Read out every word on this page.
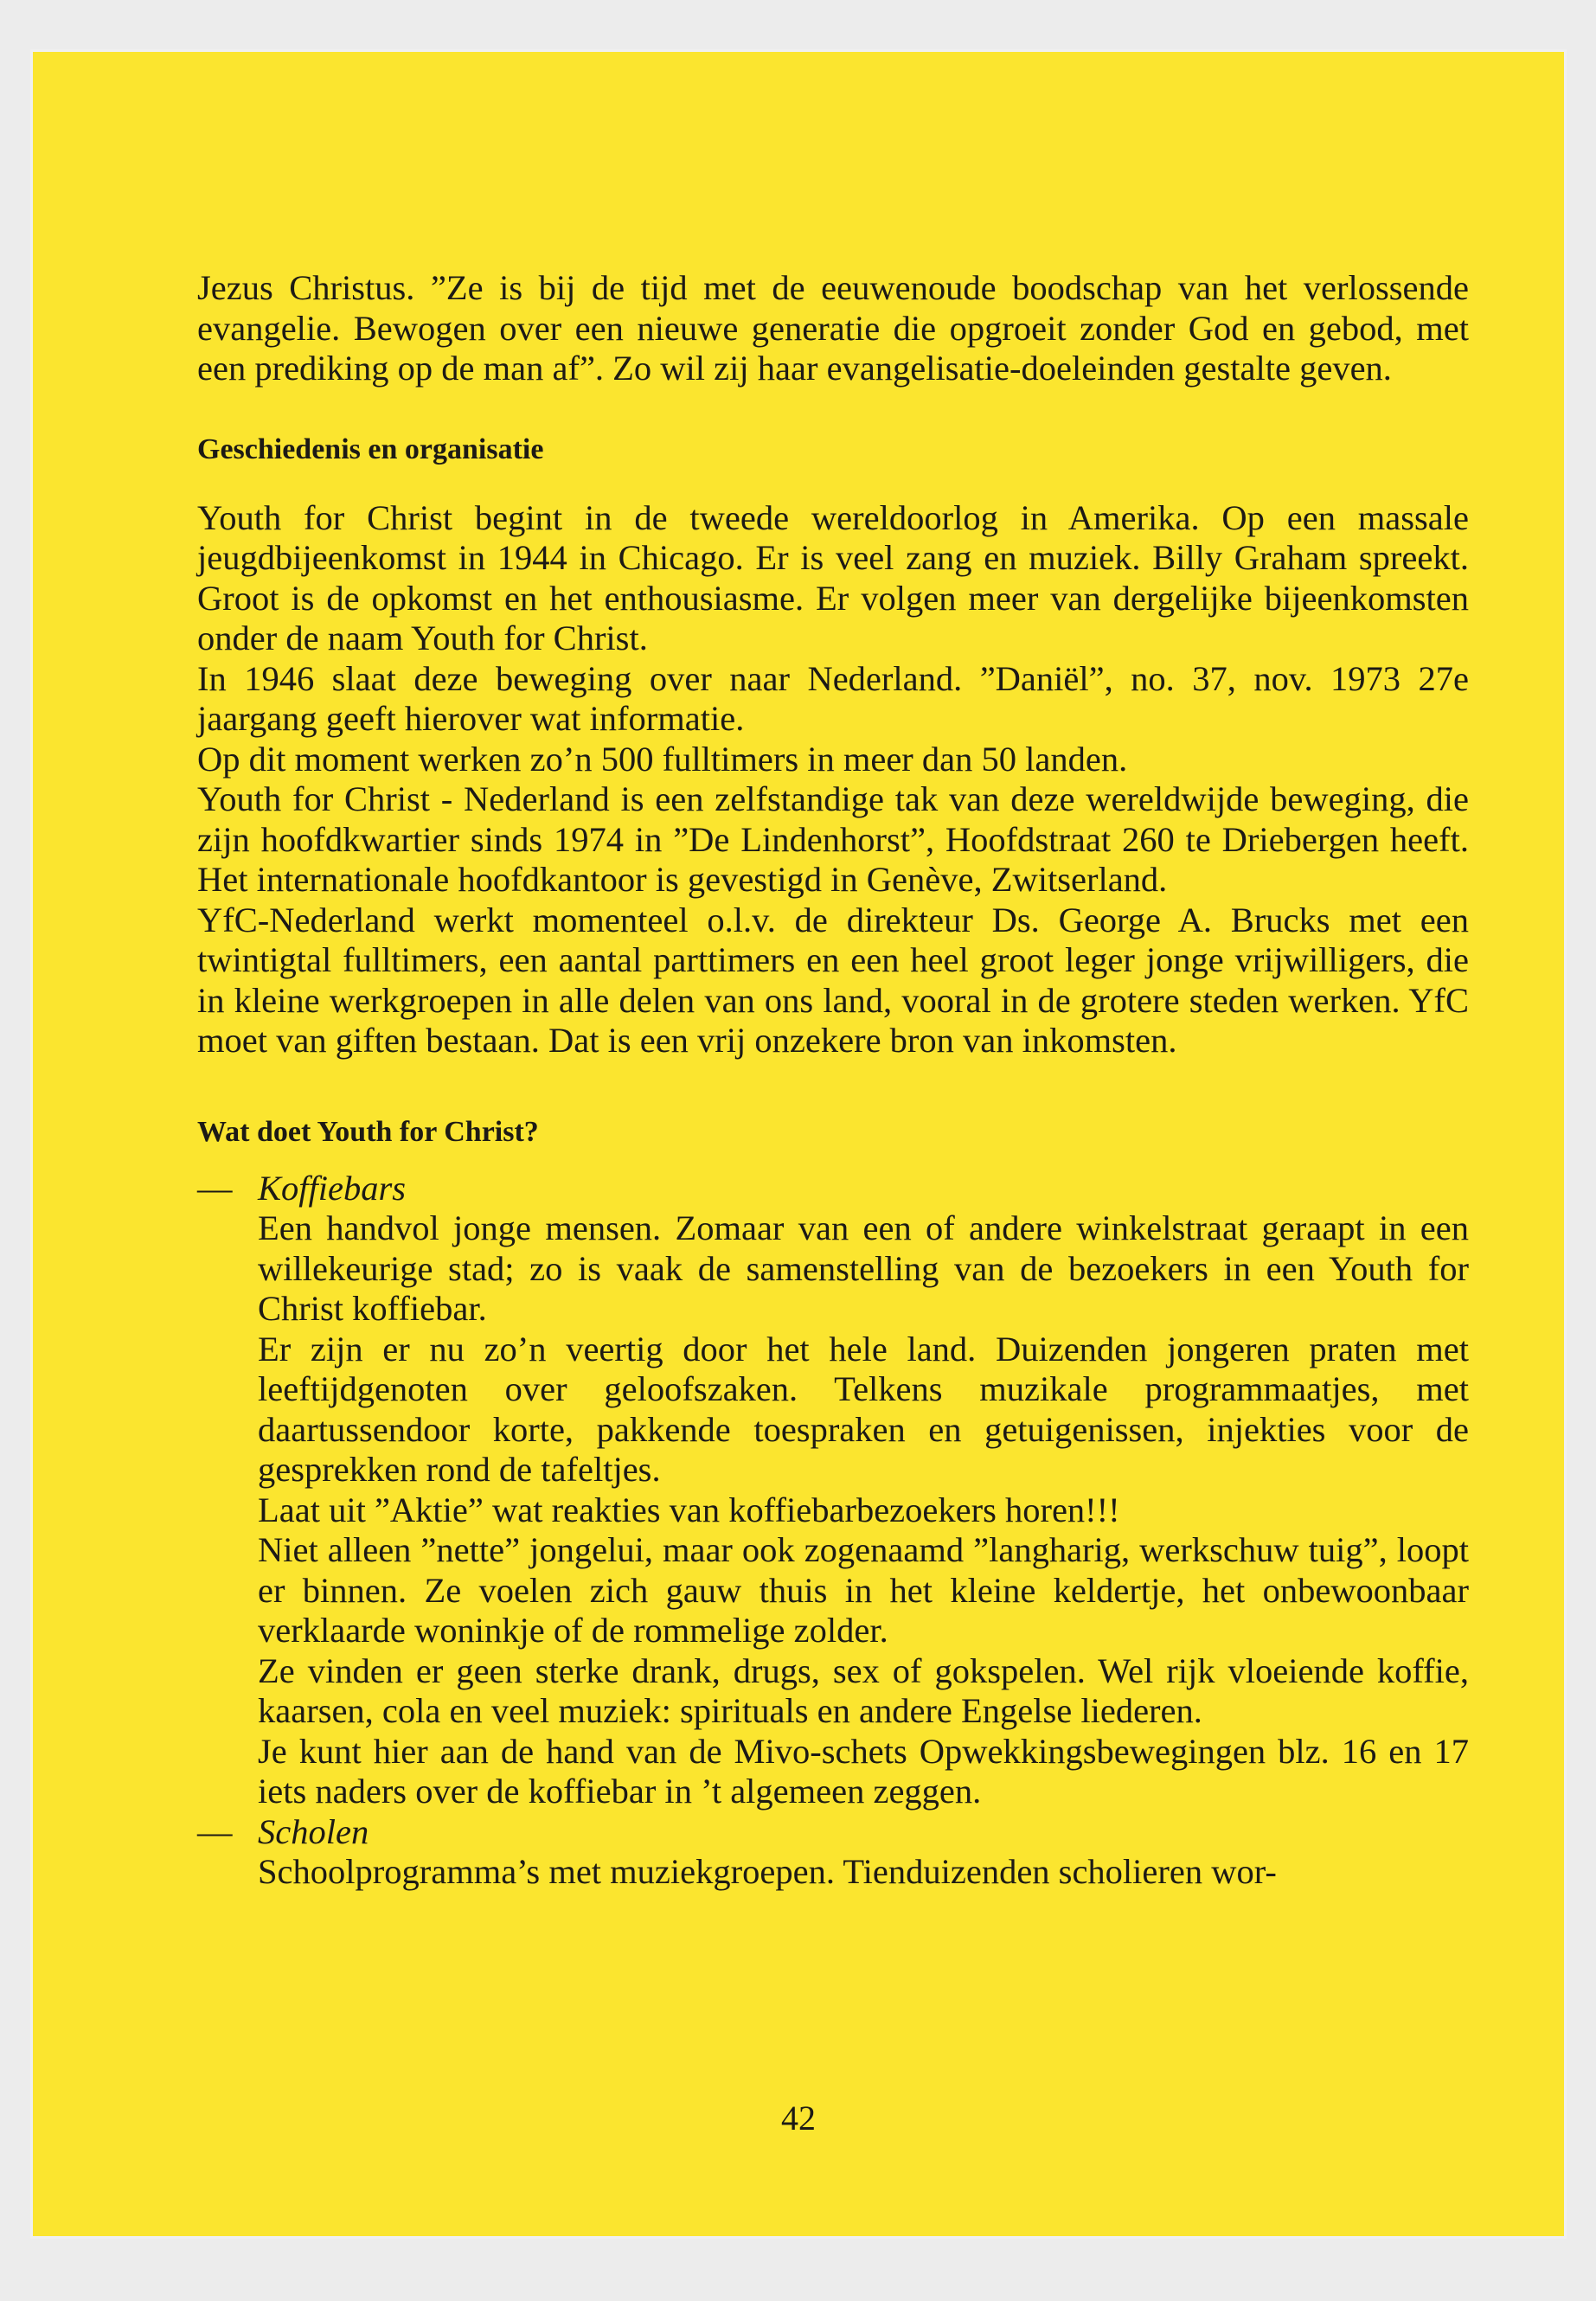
Jezus Christus. ”Ze is bij de tijd met de eeuwenoude boodschap van het verlossende evangelie. Bewogen over een nieuwe generatie die opgroeit zonder God en gebod, met een prediking op de man af”. Zo wil zij haar evangelisatie-doeleinden gestalte geven.

Geschiedenis en organisatie

Youth for Christ begint in de tweede wereldoorlog in Amerika. Op een massale jeugdbijeenkomst in 1944 in Chicago. Er is veel zang en muziek. Billy Graham spreekt. Groot is de opkomst en het enthousiasme. Er volgen meer van dergelijke bijeenkomsten onder de naam Youth for Christ.

In 1946 slaat deze beweging over naar Nederland. ”Daniël”, no. 37, nov. 1973 27e jaargang geeft hierover wat informatie.

Op dit moment werken zo’n 500 fulltimers in meer dan 50 landen.

Youth for Christ - Nederland is een zelfstandige tak van deze wereldwijde beweging, die zijn hoofdkwartier sinds 1974 in ”De Lindenhorst”, Hoofdstraat 260 te Driebergen heeft. Het internationale hoofdkantoor is gevestigd in Genève, Zwitserland.

YfC-Nederland werkt momenteel o.l.v. de direkteur Ds. George A. Brucks met een twintigtal fulltimers, een aantal parttimers en een heel groot leger jonge vrijwilligers, die in kleine werkgroepen in alle delen van ons land, vooral in de grotere steden werken. YfC moet van giften bestaan. Dat is een vrij onzekere bron van inkomsten.

Wat doet Youth for Christ?

— Koffiebars

Een handvol jonge mensen. Zomaar van een of andere winkelstraat geraapt in een willekeurige stad; zo is vaak de samenstelling van de bezoekers in een Youth for Christ koffiebar.

Er zijn er nu zo’n veertig door het hele land. Duizenden jongeren praten met leeftijdgenoten over geloofszaken. Telkens muzikale programmaatjes, met daartussendoor korte, pakkende toespraken en getuigenissen, injekties voor de gesprekken rond de tafeltjes.

Laat uit ”Aktie” wat reakties van koffiebarbezoekers horen!!!

Niet alleen ”nette” jongelui, maar ook zogenaamd ”langharig, werkschuw tuig”, loopt er binnen. Ze voelen zich gauw thuis in het kleine keldertje, het onbewoonbaar verklaarde woninkje of de rommelige zolder.

Ze vinden er geen sterke drank, drugs, sex of gokspelen. Wel rijk vloeiende koffie, kaarsen, cola en veel muziek: spirituals en andere Engelse liederen.

Je kunt hier aan de hand van de Mivo-schets Opwekkingsbewegingen blz. 16 en 17 iets naders over de koffiebar in ’t algemeen zeggen.

— Scholen

Schoolprogramma’s met muziekgroepen. Tienduizenden scholieren wor-

42
